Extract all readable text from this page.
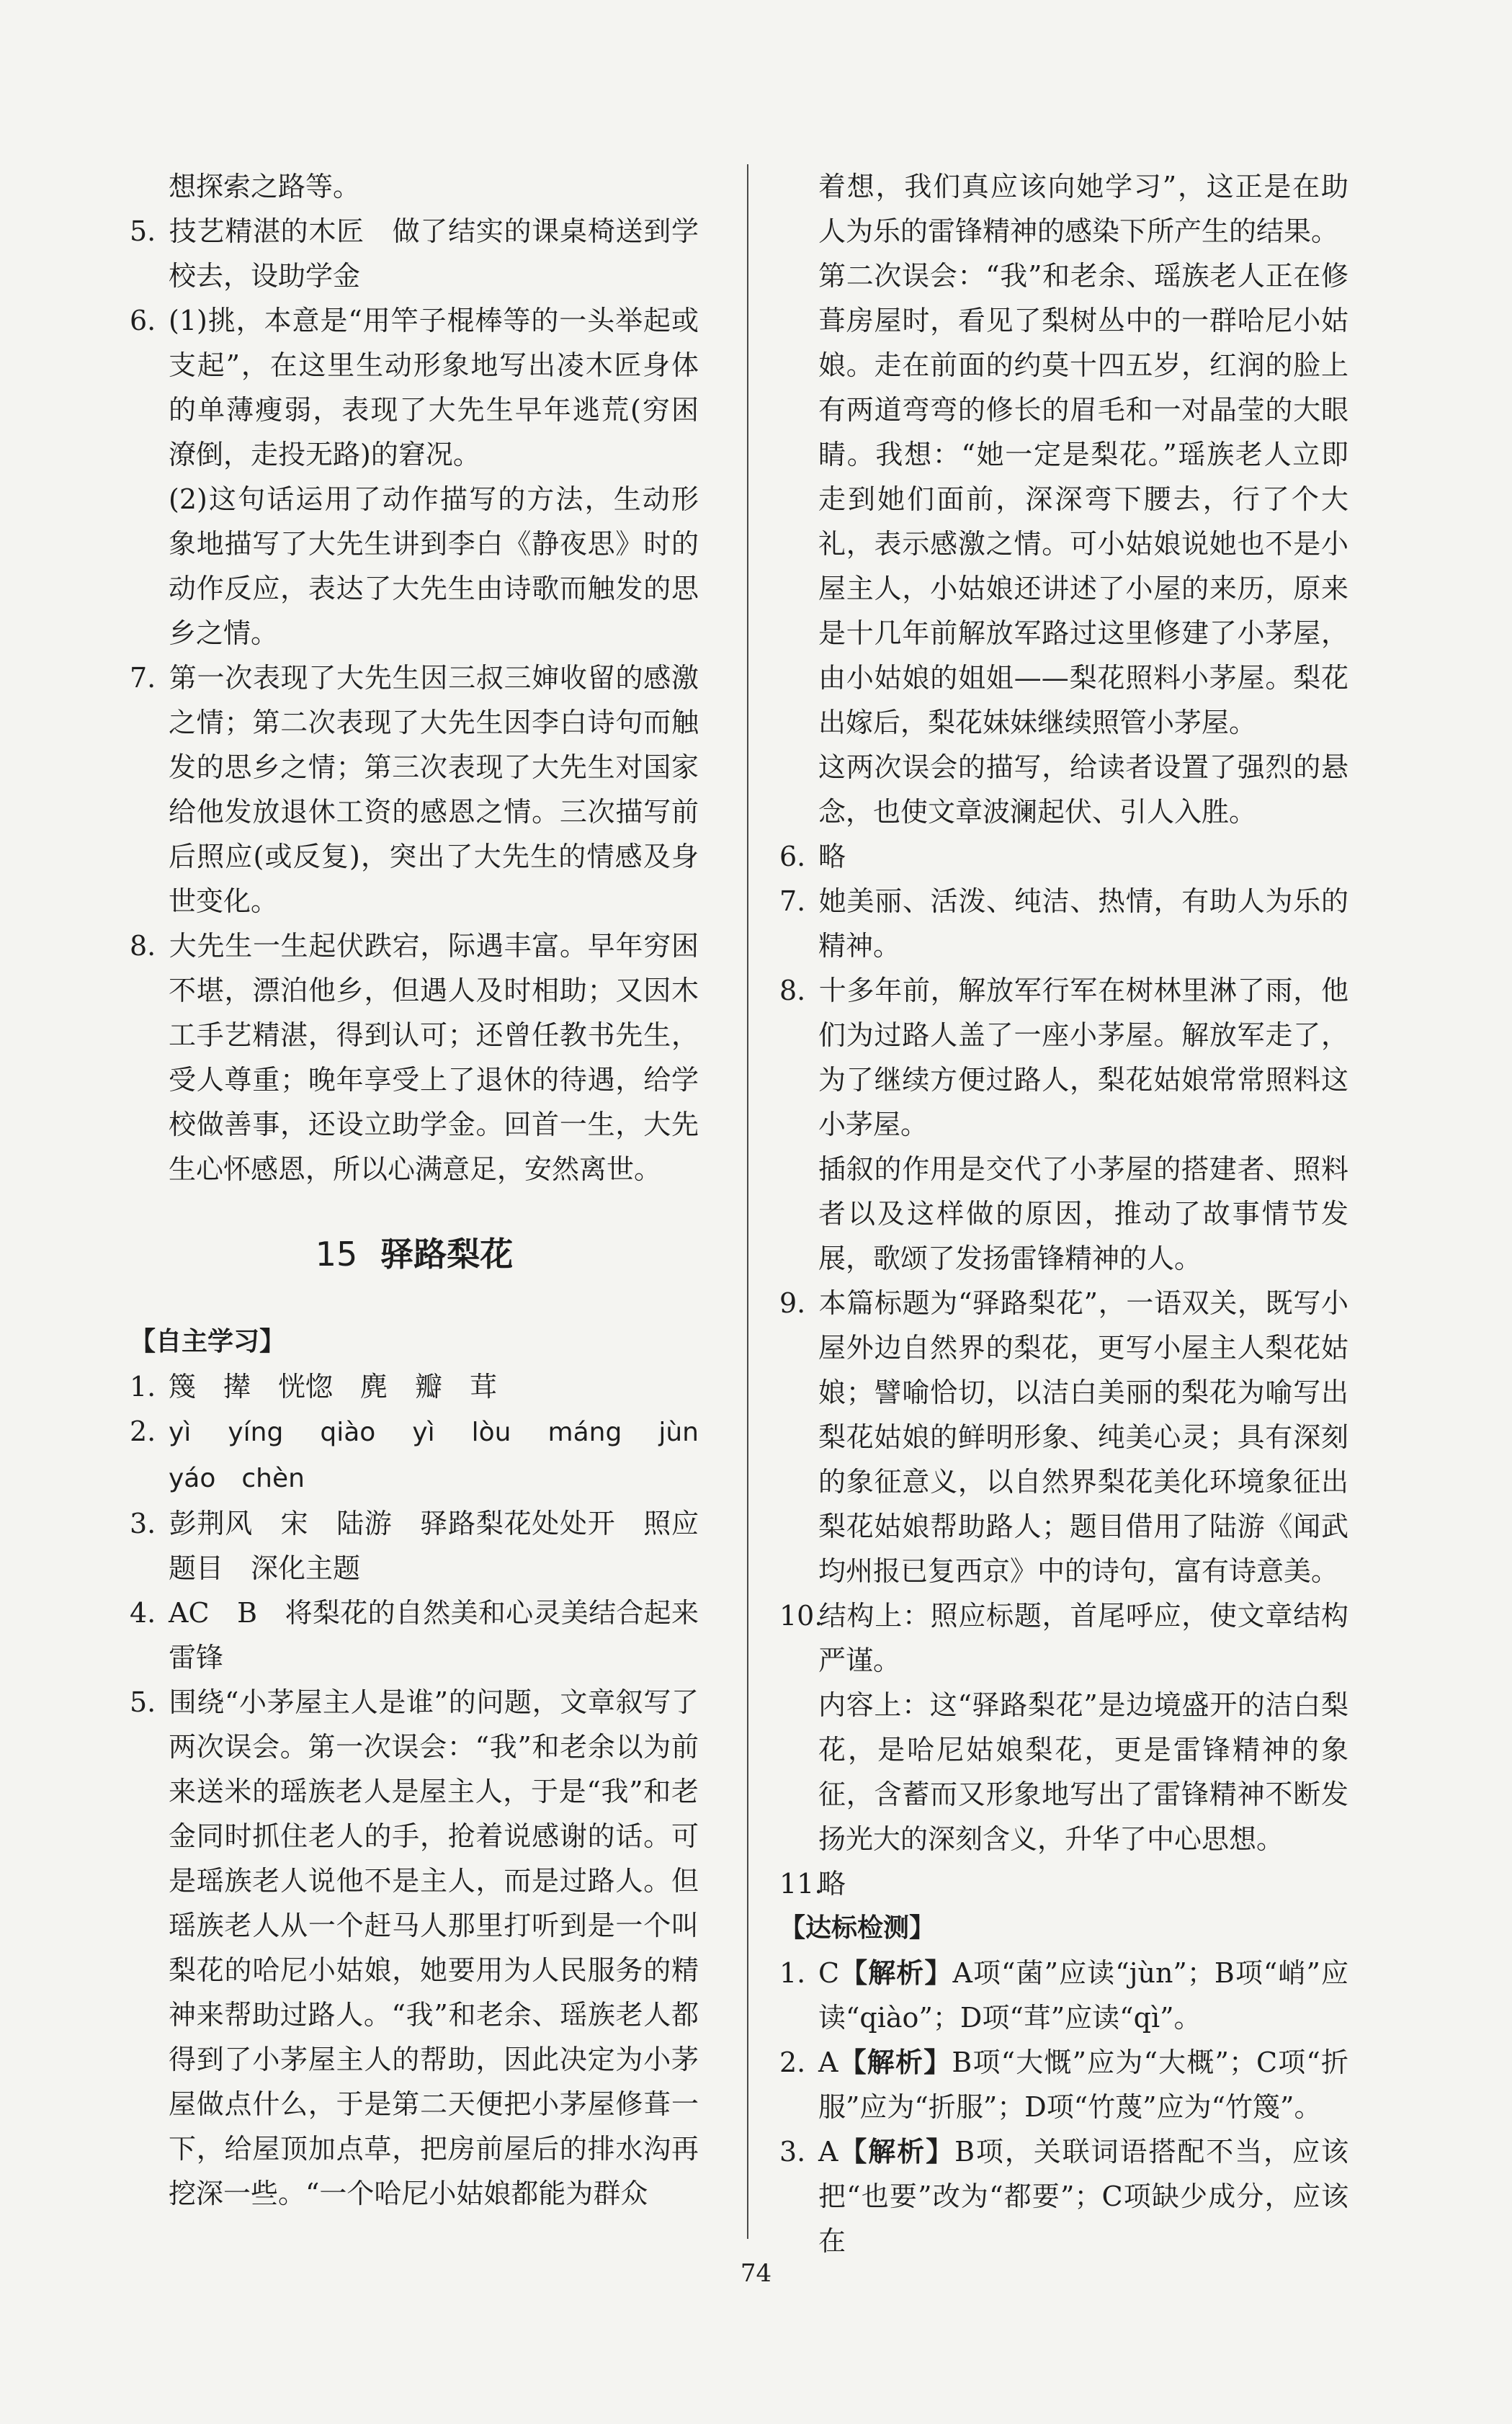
想探索之路等。

5. 技艺精湛的木匠　做了结实的课桌椅送到学校去，设助学金

6. (1)挑，本意是“用竿子棍棒等的一头举起或支起”，在这里生动形象地写出凌木匠身体的单薄瘦弱，表现了大先生早年逃荒(穷困潦倒，走投无路)的窘况。

(2)这句话运用了动作描写的方法，生动形象地描写了大先生讲到李白《静夜思》时的动作反应，表达了大先生由诗歌而触发的思乡之情。

7. 第一次表现了大先生因三叔三婶收留的感激之情；第二次表现了大先生因李白诗句而触发的思乡之情；第三次表现了大先生对国家给他发放退休工资的感恩之情。三次描写前后照应(或反复)，突出了大先生的情感及身世变化。

8. 大先生一生起伏跌宕，际遇丰富。早年穷困不堪，漂泊他乡，但遇人及时相助；又因木工手艺精湛，得到认可；还曾任教书先生，受人尊重；晚年享受上了退休的待遇，给学校做善事，还设立助学金。回首一生，大先生心怀感恩，所以心满意足，安然离世。

15 驿路梨花

【自主学习】

1. 篾　撵　恍惚　麂　瓣　茸

2. yì　yíng　qiào　yì　lòu　máng　jùn　yáo　chèn

3. 彭荆风　宋　陆游　驿路梨花处处开　照应题目　深化主题

4. AC　B　将梨花的自然美和心灵美结合起来　雷锋

5. 围绕“小茅屋主人是谁”的问题，文章叙写了两次误会。第一次误会：“我”和老余以为前来送米的瑶族老人是屋主人，于是“我”和老金同时抓住老人的手，抢着说感谢的话。可是瑶族老人说他不是主人，而是过路人。但瑶族老人从一个赶马人那里打听到是一个叫梨花的哈尼小姑娘，她要用为人民服务的精神来帮助过路人。“我”和老余、瑶族老人都得到了小茅屋主人的帮助，因此决定为小茅屋做点什么，于是第二天便把小茅屋修葺一下，给屋顶加点草，把房前屋后的排水沟再挖深一些。“一个哈尼小姑娘都能为群众

着想，我们真应该向她学习”，这正是在助人为乐的雷锋精神的感染下所产生的结果。

第二次误会：“我”和老余、瑶族老人正在修葺房屋时，看见了梨树丛中的一群哈尼小姑娘。走在前面的约莫十四五岁，红润的脸上有两道弯弯的修长的眉毛和一对晶莹的大眼睛。我想：“她一定是梨花。”瑶族老人立即走到她们面前，深深弯下腰去，行了个大礼，表示感激之情。可小姑娘说她也不是小屋主人，小姑娘还讲述了小屋的来历，原来是十几年前解放军路过这里修建了小茅屋，由小姑娘的姐姐——梨花照料小茅屋。梨花出嫁后，梨花妹妹继续照管小茅屋。

这两次误会的描写，给读者设置了强烈的悬念，也使文章波澜起伏、引人入胜。

6. 略

7. 她美丽、活泼、纯洁、热情，有助人为乐的精神。

8. 十多年前，解放军行军在树林里淋了雨，他们为过路人盖了一座小茅屋。解放军走了，为了继续方便过路人，梨花姑娘常常照料这小茅屋。

插叙的作用是交代了小茅屋的搭建者、照料者以及这样做的原因，推动了故事情节发展，歌颂了发扬雷锋精神的人。

9. 本篇标题为“驿路梨花”，一语双关，既写小屋外边自然界的梨花，更写小屋主人梨花姑娘；譬喻恰切，以洁白美丽的梨花为喻写出梨花姑娘的鲜明形象、纯美心灵；具有深刻的象征意义，以自然界梨花美化环境象征出梨花姑娘帮助路人；题目借用了陆游《闻武均州报已复西京》中的诗句，富有诗意美。

10.结构上：照应标题，首尾呼应，使文章结构严谨。

内容上：这“驿路梨花”是边境盛开的洁白梨花，是哈尼姑娘梨花，更是雷锋精神的象征，含蓄而又形象地写出了雷锋精神不断发扬光大的深刻含义，升华了中心思想。

11.略

【达标检测】

1. C【解析】A项“菌”应读“jùn”；B项“峭”应读“qiào”；D项“茸”应读“qì”。

2. A【解析】B项“大慨”应为“大概”；C项“折服”应为“折服”；D项“竹蔑”应为“竹篾”。

3. A【解析】B项，关联词语搭配不当，应该把“也要”改为“都要”；C项缺少成分，应该在

74
